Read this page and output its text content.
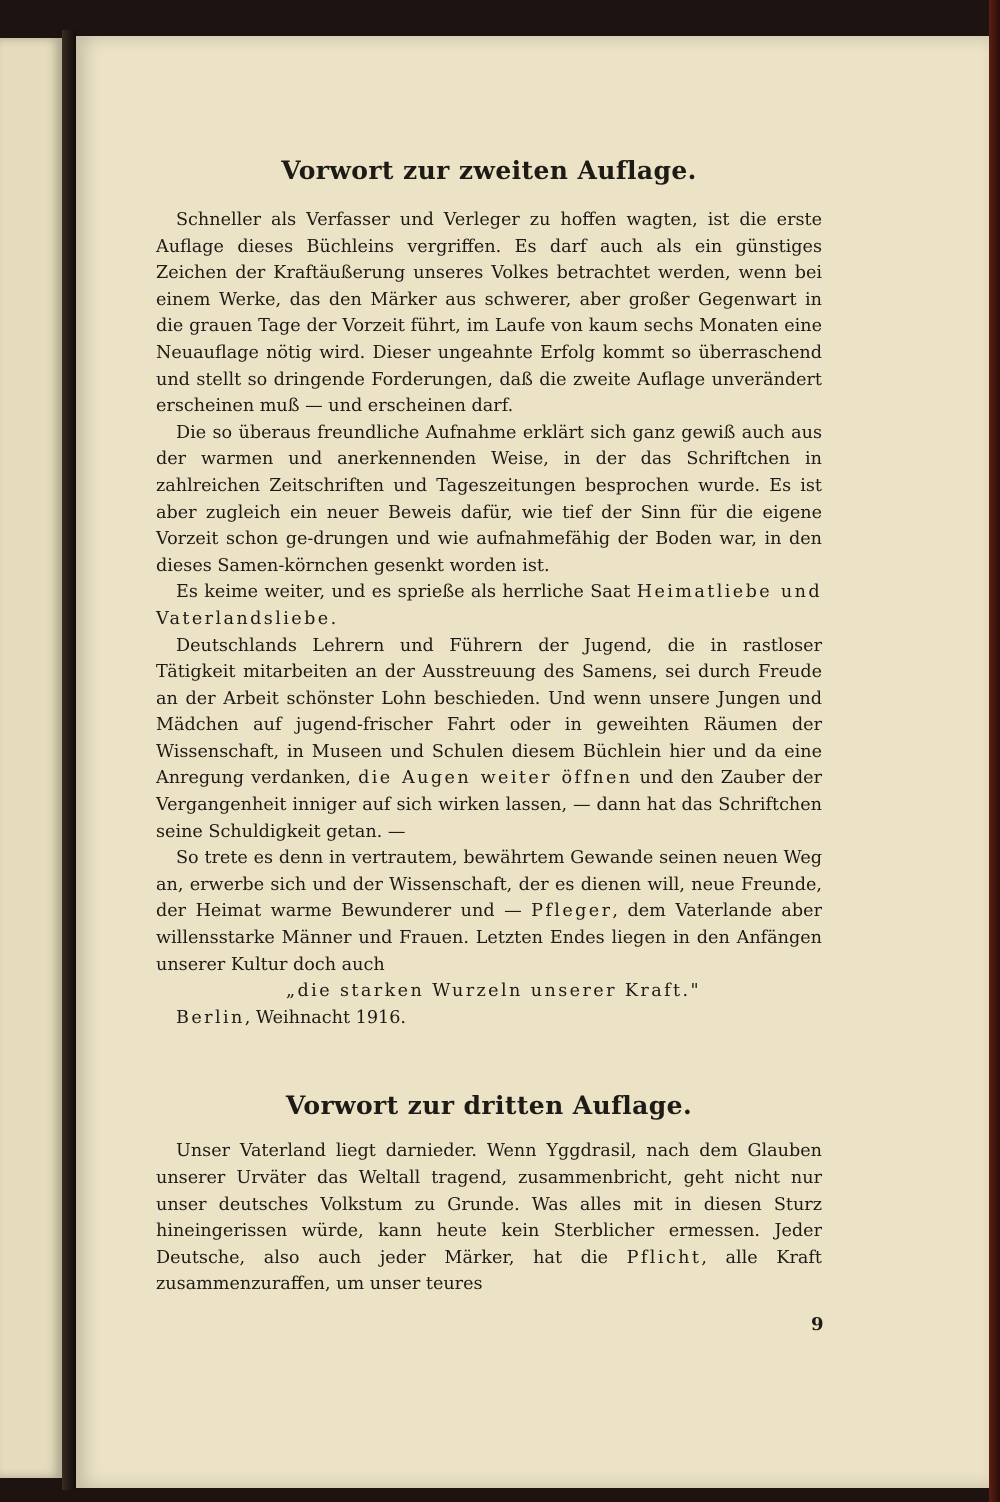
Vorwort zur zweiten Auflage.

Schneller als Verfasser und Verleger zu hoffen wagten, ist die erste Auflage dieses Büchleins vergriffen. Es darf auch als ein günstiges Zeichen der Kraftäußerung unseres Volkes betrachtet werden, wenn bei einem Werke, das den Märker aus schwerer, aber großer Gegenwart in die grauen Tage der Vorzeit führt, im Laufe von kaum sechs Monaten eine Neuauflage nötig wird. Dieser ungeahnte Erfolg kommt so überraschend und stellt so dringende Forderungen, daß die zweite Auflage unverändert erscheinen muß — und erscheinen darf.

Die so überaus freundliche Aufnahme erklärt sich ganz gewiß auch aus der warmen und anerkennenden Weise, in der das Schriftchen in zahlreichen Zeitschriften und Tageszeitungen besprochen wurde. Es ist aber zugleich ein neuer Beweis dafür, wie tief der Sinn für die eigene Vorzeit schon ge-drungen und wie aufnahmefähig der Boden war, in den dieses Samen-körnchen gesenkt worden ist.

Es keime weiter, und es sprieße als herrliche Saat Heimatliebe und Vaterlandsliebe.

Deutschlands Lehrern und Führern der Jugend, die in rastloser Tätigkeit mitarbeiten an der Ausstreuung des Samens, sei durch Freude an der Arbeit schönster Lohn beschieden. Und wenn unsere Jungen und Mädchen auf jugend-frischer Fahrt oder in geweihten Räumen der Wissenschaft, in Museen und Schulen diesem Büchlein hier und da eine Anregung verdanken, die Augen weiter öffnen und den Zauber der Vergangenheit inniger auf sich wirken lassen, — dann hat das Schriftchen seine Schuldigkeit getan. —

So trete es denn in vertrautem, bewährtem Gewande seinen neuen Weg an, erwerbe sich und der Wissenschaft, der es dienen will, neue Freunde, der Heimat warme Bewunderer und — Pfleger, dem Vaterlande aber willensstarke Männer und Frauen. Letzten Endes liegen in den Anfängen unserer Kultur doch auch

„die starken Wurzeln unserer Kraft."

Berlin, Weihnacht 1916.

Vorwort zur dritten Auflage.

Unser Vaterland liegt darnieder. Wenn Yggdrasil, nach dem Glauben unserer Urväter das Weltall tragend, zusammenbricht, geht nicht nur unser deutsches Volkstum zu Grunde. Was alles mit in diesen Sturz hineingerissen würde, kann heute kein Sterblicher ermessen. Jeder Deutsche, also auch jeder Märker, hat die Pflicht, alle Kraft zusammenzuraffen, um unser teures

9
